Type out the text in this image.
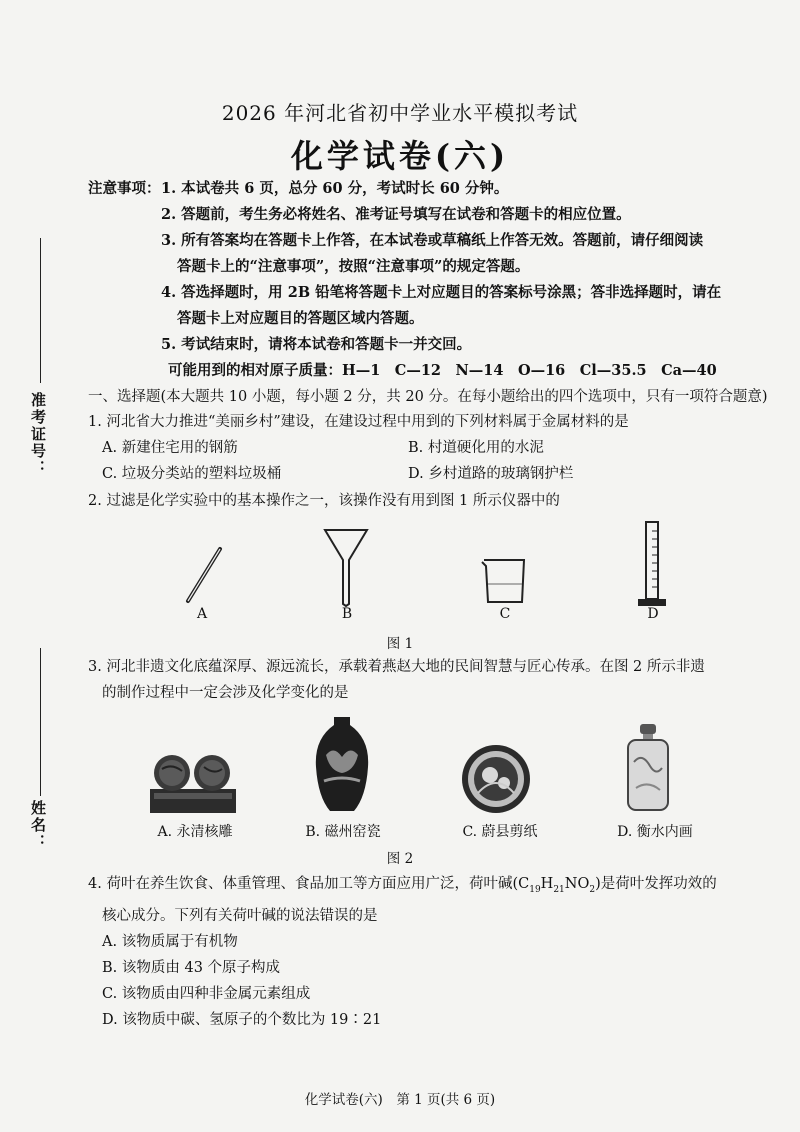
准考证号：
姓名：
2026 年河北省初中学业水平模拟考试
化学试卷(六)
注意事项： 1. 本试卷共 6 页，总分 60 分，考试时长 60 分钟。
2. 答题前，考生务必将姓名、准考证号填写在试卷和答题卡的相应位置。
3. 所有答案均在答题卡上作答，在本试卷或草稿纸上作答无效。答题前，请仔细阅读
答题卡上的“注意事项”，按照“注意事项”的规定答题。
4. 答选择题时，用 2B 铅笔将答题卡上对应题目的答案标号涂黑；答非选择题时，请在
答题卡上对应题目的答题区域内答题。
5. 考试结束时，请将本试卷和答题卡一并交回。
可能用到的相对原子质量：H—1　C—12　N—14　O—16　Cl—35.5　Ca—40
一、选择题(本大题共 10 小题，每小题 2 分，共 20 分。在每小题给出的四个选项中，只有一项符合题意)
1. 河北省大力推进“美丽乡村”建设，在建设过程中用到的下列材料属于金属材料的是
A. 新建住宅用的钢筋	B. 村道硬化用的水泥
C. 垃圾分类站的塑料垃圾桶	D. 乡村道路的玻璃钢护栏
2. 过滤是化学实验中的基本操作之一，该操作没有用到图 1 所示仪器中的
A	B	C	D
图 1
3. 河北非遗文化底蕴深厚、源远流长，承载着燕赵大地的民间智慧与匠心传承。在图 2 所示非遗
的制作过程中一定会涉及化学变化的是
A. 永清核雕	B. 磁州窑瓷	C. 蔚县剪纸	D. 衡水内画
图 2
4. 荷叶在养生饮食、体重管理、食品加工等方面应用广泛，荷叶碱$(C_{19}H_{21}NO_2)$是荷叶发挥功效的
核心成分。下列有关荷叶碱的说法错误的是
A. 该物质属于有机物
B. 该物质由 43 个原子构成
C. 该物质由四种非金属元素组成
D. 该物质中碳、氢原子的个数比为 19∶21
化学试卷(六)　第 1 页(共 6 页)
